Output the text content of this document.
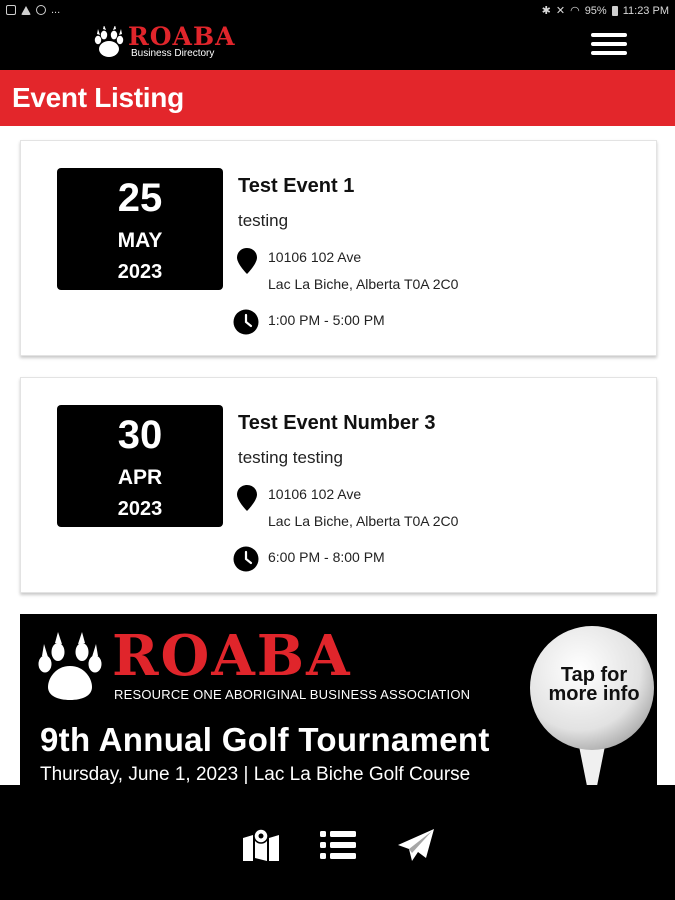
...	✱ ✕ ◠ 95% 11:23 PM
ROABA
Business Directory
Event Listing
25
MAY
2023
Test Event 1
testing
10106 102 Ave
Lac La Biche, Alberta T0A 2C0
1:00 PM - 5:00 PM
30
APR
2023
Test Event Number 3
testing testing
10106 102 Ave
Lac La Biche, Alberta T0A 2C0
6:00 PM - 8:00 PM
ROABA
RESOURCE ONE ABORIGINAL BUSINESS ASSOCIATION
9th Annual Golf Tournament
Thursday, June 1, 2023 | Lac La Biche Golf Course
Tap for
more info
